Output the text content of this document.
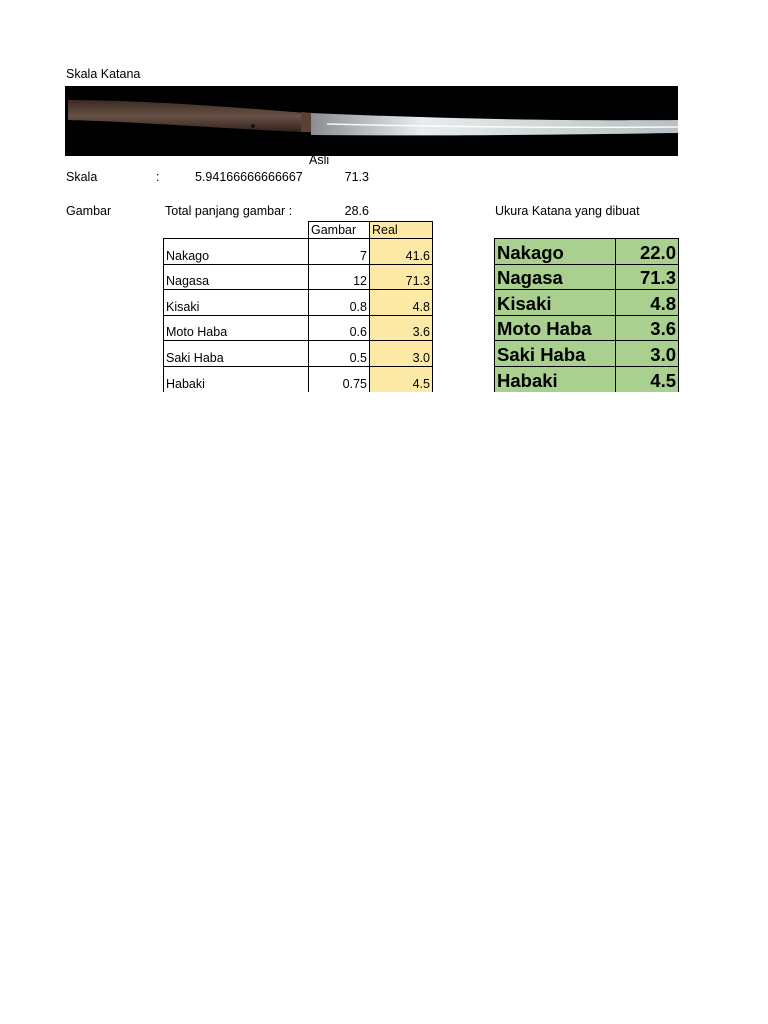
Skala Katana
Asli
Skala	:	5.94166666666667	71.3
Gambar	Total panjang gambar :	28.6	Ukura Katana yang dibuat
Gambar Real
Nakago	7	41.6
Nagasa	12	71.3
Kisaki	0.8	4.8
Moto Haba	0.6	3.6
Saki Haba	0.5	3.0
Habaki	0.75	4.5
Nakago	22.0
Nagasa	71.3
Kisaki	4.8
Moto Haba	3.6
Saki Haba	3.0
Habaki	4.5
